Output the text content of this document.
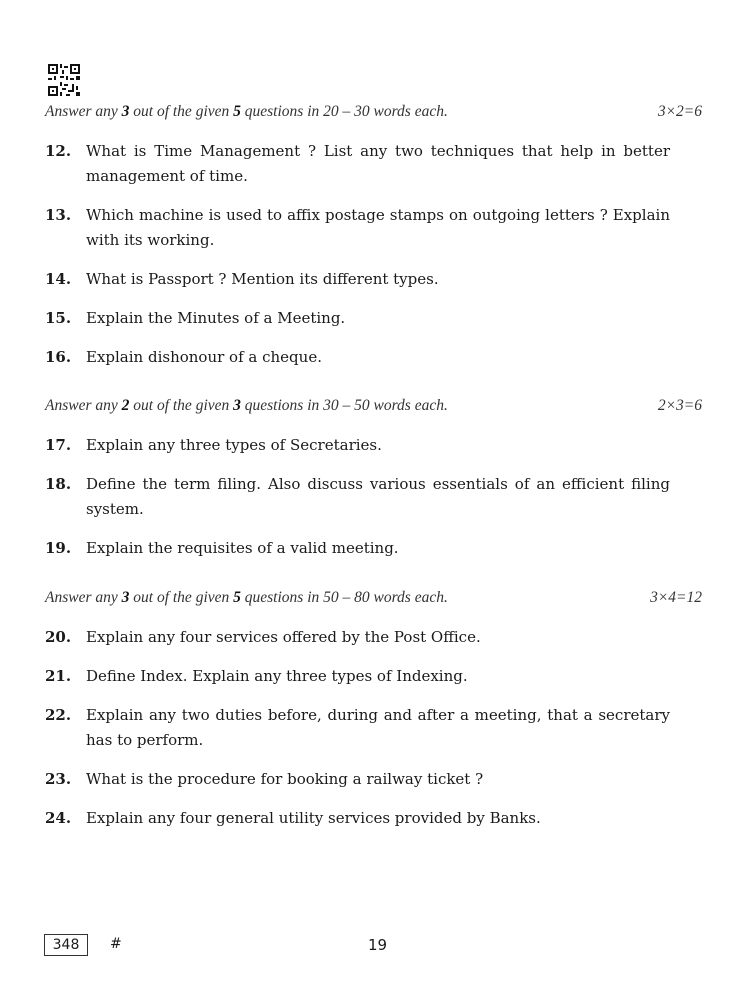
Answer any 3 out of the given 5 questions in 20 – 30 words each.	3×2=6
12. What is Time Management ? List any two techniques that help in better management of time.
13. Which machine is used to affix postage stamps on outgoing letters ? Explain with its working.
14. What is Passport ? Mention its different types.
15. Explain the Minutes of a Meeting.
16. Explain dishonour of a cheque.
Answer any 2 out of the given 3 questions in 30 – 50 words each.	2×3=6
17. Explain any three types of Secretaries.
18. Define the term filing. Also discuss various essentials of an efficient filing system.
19. Explain the requisites of a valid meeting.
Answer any 3 out of the given 5 questions in 50 – 80 words each.	3×4=12
20. Explain any four services offered by the Post Office.
21. Define Index. Explain any three types of Indexing.
22. Explain any two duties before, during and after a meeting, that a secretary has to perform.
23. What is the procedure for booking a railway ticket ?
24. Explain any four general utility services provided by Banks.
348	#	19
